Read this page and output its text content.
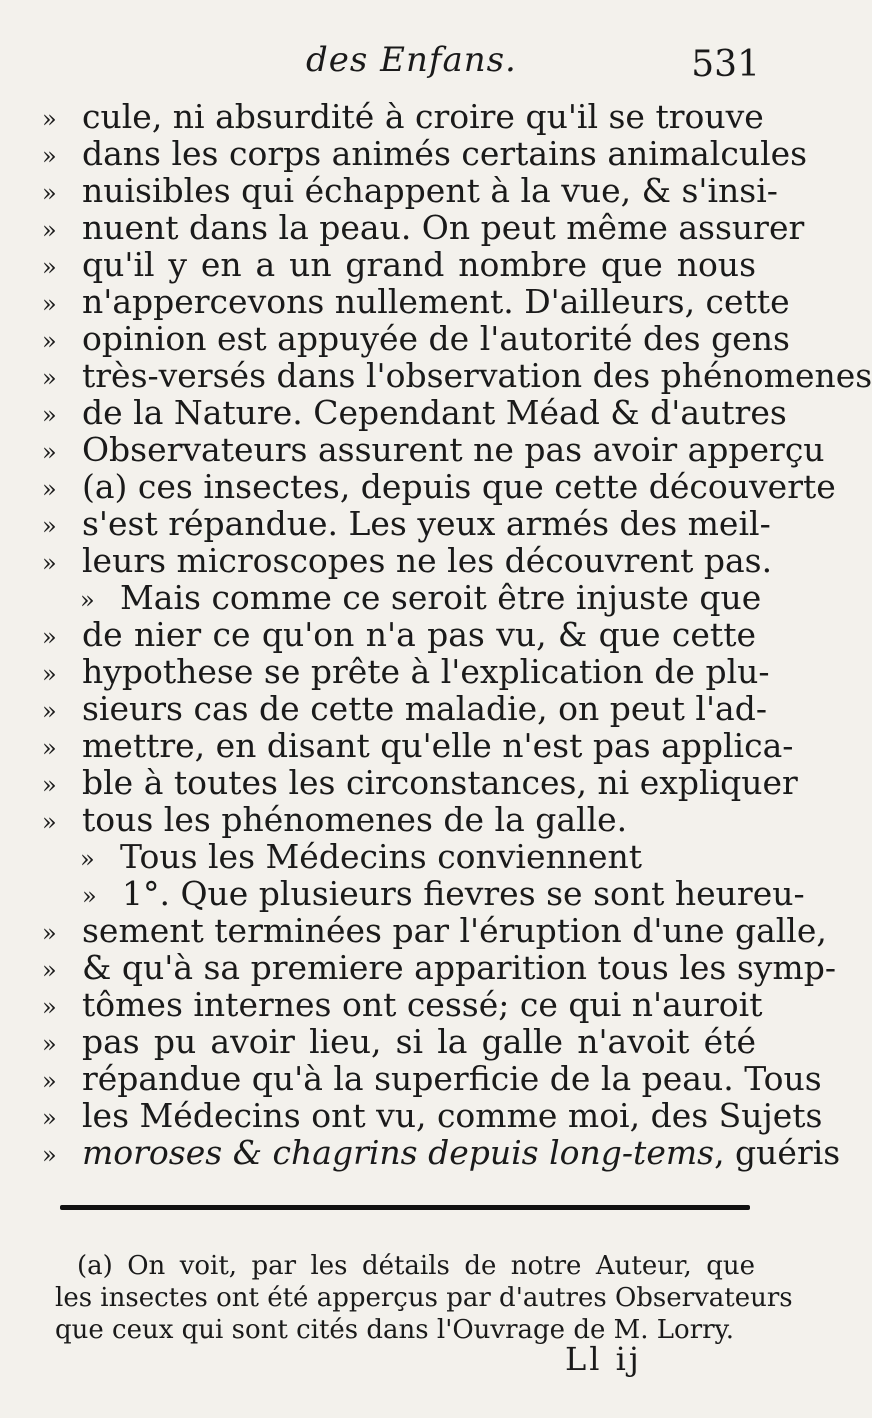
des Enfans.	531
» cule, ni absurdité à croire qu'il se trouve
» dans les corps animés certains animalcules
» nuisibles qui échappent à la vue, & s'insi-
» nuent dans la peau. On peut même assurer
» qu'il y en a un grand nombre que nous
» n'appercevons nullement. D'ailleurs, cette
» opinion est appuyée de l'autorité des gens
» très-versés dans l'observation des phénomenes
» de la Nature. Cependant Méad & d'autres
» Observateurs assurent ne pas avoir apperçu
» (a) ces insectes, depuis que cette découverte
» s'est répandue. Les yeux armés des meil-
» leurs microscopes ne les découvrent pas.
» Mais comme ce seroit être injuste que
» de nier ce qu'on n'a pas vu, & que cette
» hypothese se prête à l'explication de plu-
» sieurs cas de cette maladie, on peut l'ad-
» mettre, en disant qu'elle n'est pas applica-
» ble à toutes les circonstances, ni expliquer
» tous les phénomenes de la galle.
» Tous les Médecins conviennent
» 1°. Que plusieurs fievres se sont heureu-
» sement terminées par l'éruption d'une galle,
» & qu'à sa premiere apparition tous les symp-
» tômes internes ont cessé; ce qui n'auroit
» pas pu avoir lieu, si la galle n'avoit été
» répandue qu'à la superficie de la peau. Tous
» les Médecins ont vu, comme moi, des Sujets
» moroses & chagrins depuis long-tems, guéris
(a) On voit, par les détails de notre Auteur, que
les insectes ont été apperçus par d'autres Observateurs
que ceux qui sont cités dans l'Ouvrage de M. Lorry.
Ll ij
